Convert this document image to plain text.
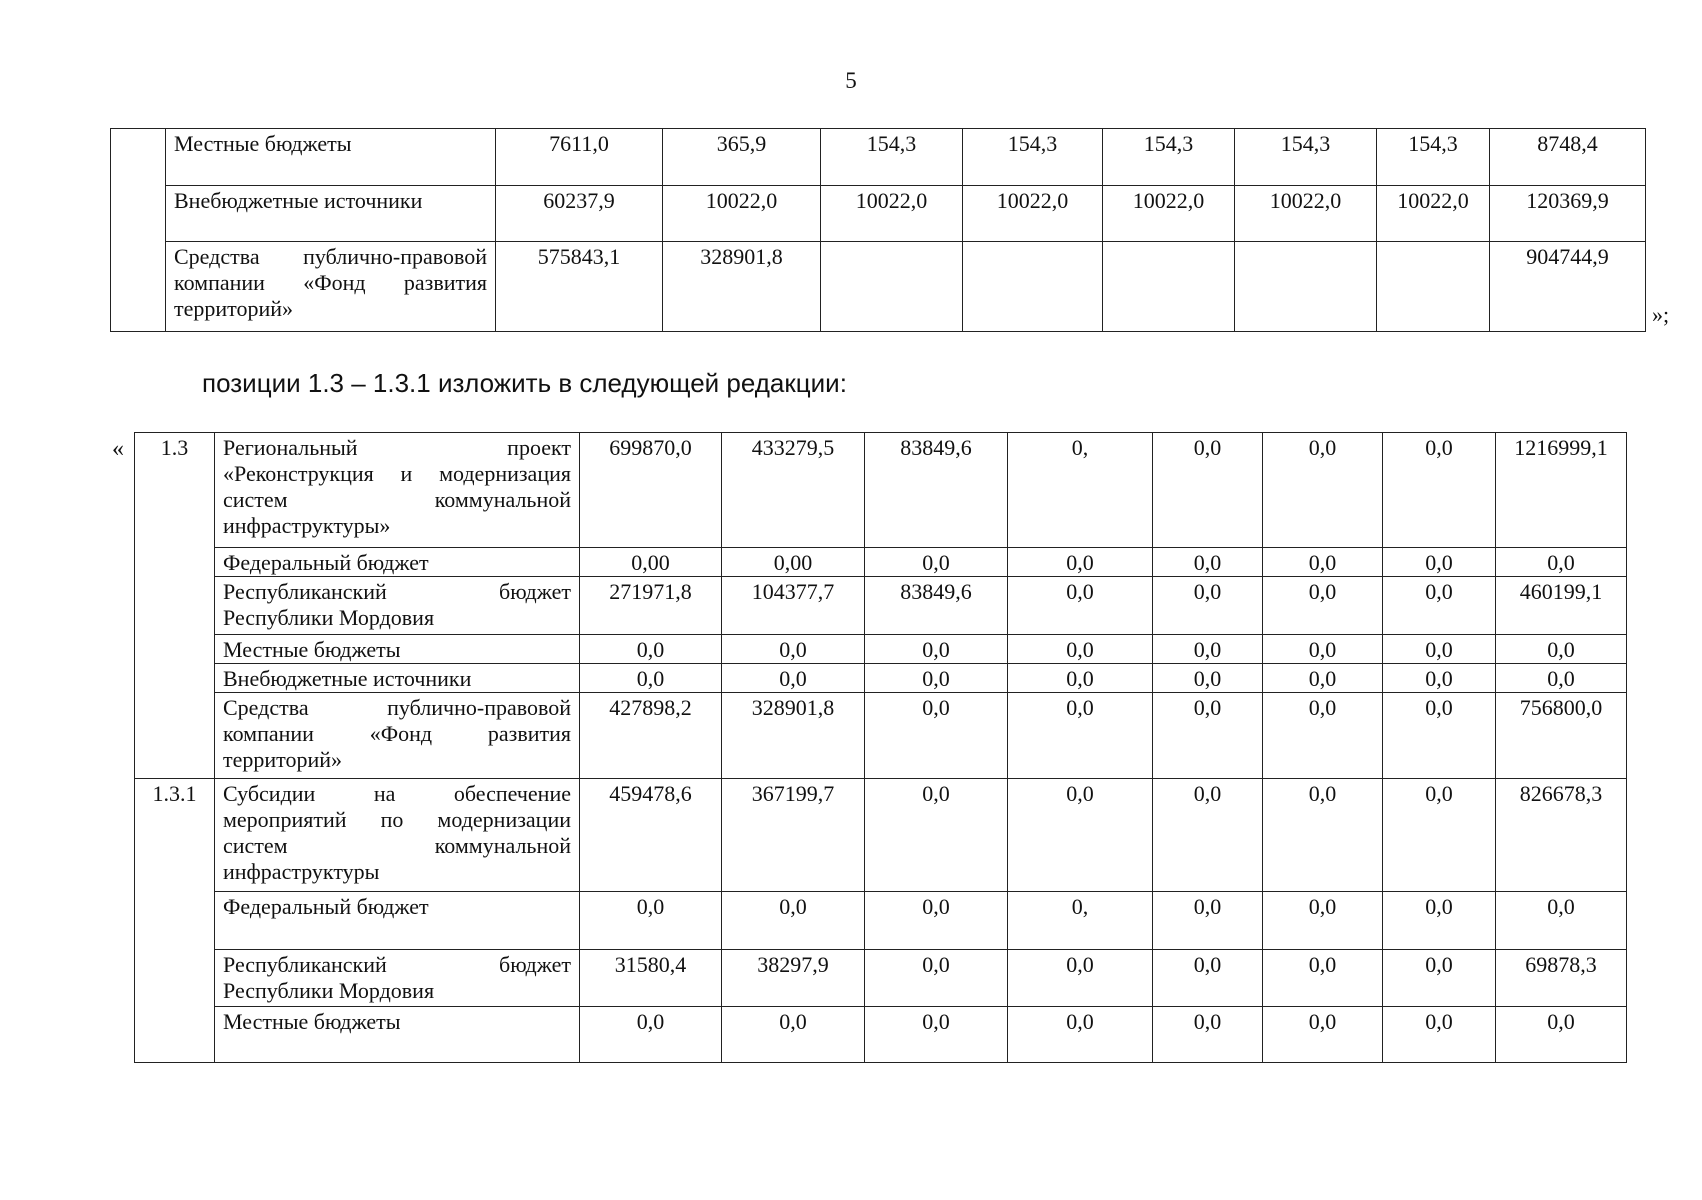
5
	Местные бюджеты	7611,0	365,9	154,3	154,3	154,3	154,3	154,3	8748,4
	Внебюджетные источники	60237,9	10022,0	10022,0	10022,0	10022,0	10022,0	10022,0	120369,9
	Средства публично-правовой компании «Фонд развития территорий»	575843,1	328901,8						904744,9
»;
позиции 1.3 – 1.3.1 изложить в следующей редакции:
« 1.3	Региональный проект «Реконструкция и модернизация систем коммунальной инфраструктуры»	699870,0	433279,5	83849,6	0,	0,0	0,0	0,0	1216999,1
	Федеральный бюджет	0,00	0,00	0,0	0,0	0,0	0,0	0,0	0,0
	Республиканский бюджет Республики Мордовия	271971,8	104377,7	83849,6	0,0	0,0	0,0	0,0	460199,1
	Местные бюджеты	0,0	0,0	0,0	0,0	0,0	0,0	0,0	0,0
	Внебюджетные источники	0,0	0,0	0,0	0,0	0,0	0,0	0,0	0,0
	Средства публично-правовой компании «Фонд развития территорий»	427898,2	328901,8	0,0	0,0	0,0	0,0	0,0	756800,0
1.3.1	Субсидии на обеспечение мероприятий по модернизации систем коммунальной инфраструктуры	459478,6	367199,7	0,0	0,0	0,0	0,0	0,0	826678,3
	Федеральный бюджет	0,0	0,0	0,0	0,	0,0	0,0	0,0	0,0
	Республиканский бюджет Республики Мордовия	31580,4	38297,9	0,0	0,0	0,0	0,0	0,0	69878,3
	Местные бюджеты	0,0	0,0	0,0	0,0	0,0	0,0	0,0	0,0
